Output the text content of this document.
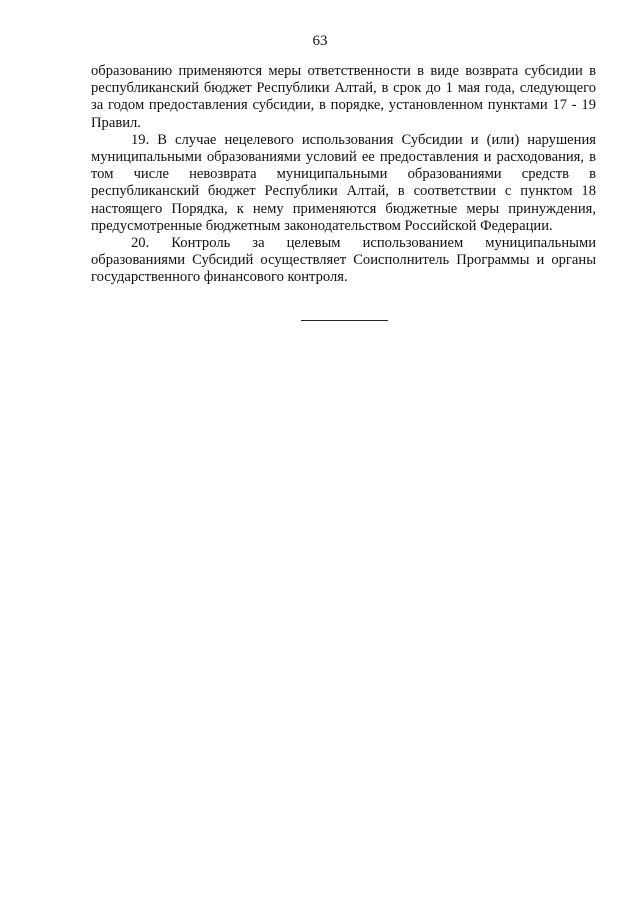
63

образованию применяются меры ответственности в виде возврата субсидии в республиканский бюджет Республики Алтай, в срок до 1 мая года, следующего за годом предоставления субсидии, в порядке, установленном пунктами 17 - 19 Правил.

19. В случае нецелевого использования Субсидии и (или) нарушения муниципальными образованиями условий ее предоставления и расходования, в том числе невозврата муниципальными образованиями средств в республиканский бюджет Республики Алтай, в соответствии с пунктом 18 настоящего Порядка, к нему применяются бюджетные меры принуждения, предусмотренные бюджетным законодательством Российской Федерации.

20. Контроль за целевым использованием муниципальными образованиями Субсидий осуществляет Соисполнитель Программы и органы государственного финансового контроля.
